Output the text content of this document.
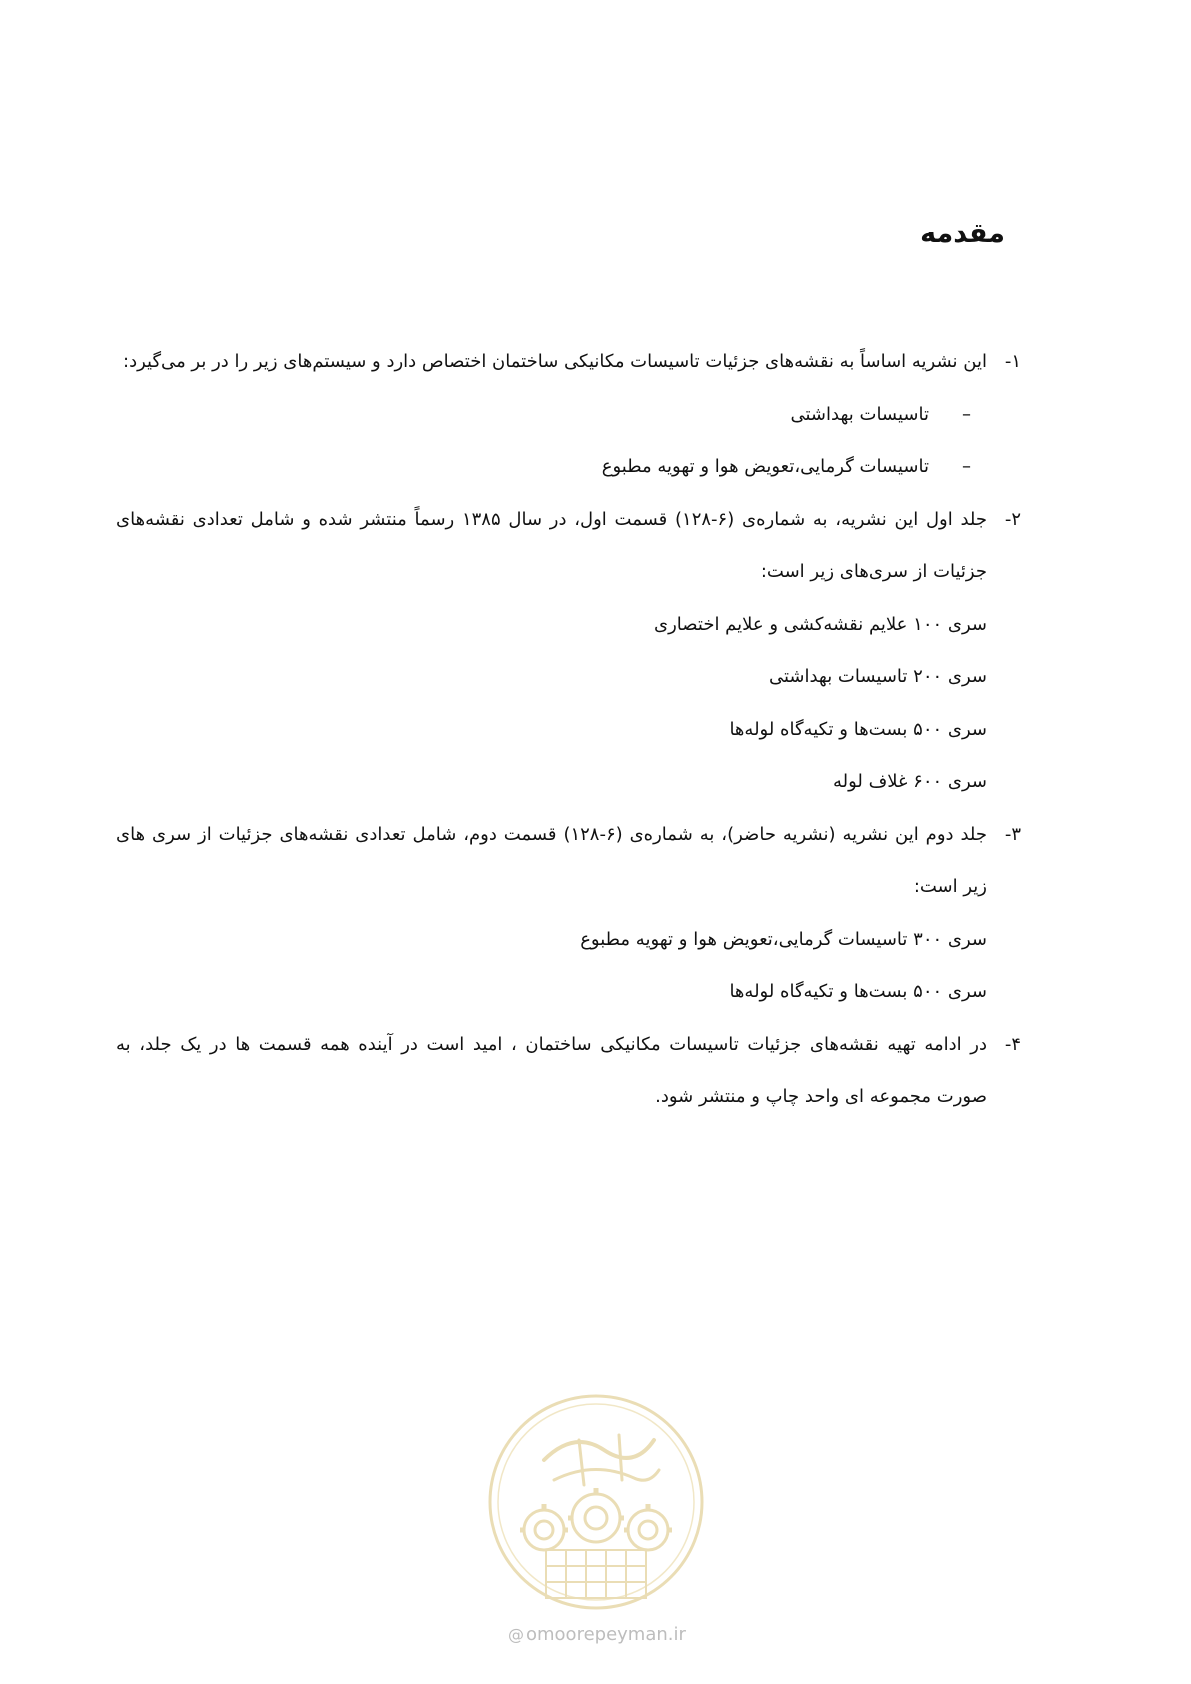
مقدمه
۱-
این نشریه اساساً به نقشه‌های جزئیات تاسیسات مکانیکی ساختمان اختصاص دارد و سیستم‌های زیر را در بر می‌گیرد:
–تاسیسات بهداشتی
–تاسیسات گرمایی،تعویض هوا و تهویه مطبوع
۲-
جلد اول این نشریه، به شماره‌ی (۶-۱۲۸) قسمت اول، در سال ۱۳۸۵ رسماً منتشر شده و شامل تعدادی نقشه‌های جزئیات از سری‌های زیر است:
سری ۱۰۰ علایم نقشه‌کشی و علایم اختصاری
سری ۲۰۰ تاسیسات بهداشتی
سری ۵۰۰ بست‌ها و تکیه‌گاه لوله‌ها
سری ۶۰۰ غلاف لوله
۳-
جلد دوم این نشریه (نشریه حاضر)، به شماره‌ی (۶-۱۲۸) قسمت دوم، شامل تعدادی نقشه‌های جزئیات از سری های زیر است:
سری ۳۰۰ تاسیسات گرمایی،تعویض هوا و تهویه مطبوع
سری ۵۰۰ بست‌ها و تکیه‌گاه لوله‌ها
۴-
در ادامه تهیه نقشه‌های جزئیات تاسیسات مکانیکی ساختمان ، امید است در آینده همه قسمت ها در یک جلد، به صورت مجموعه ای واحد چاپ و منتشر شود.
@ omoorepeyman.ir
